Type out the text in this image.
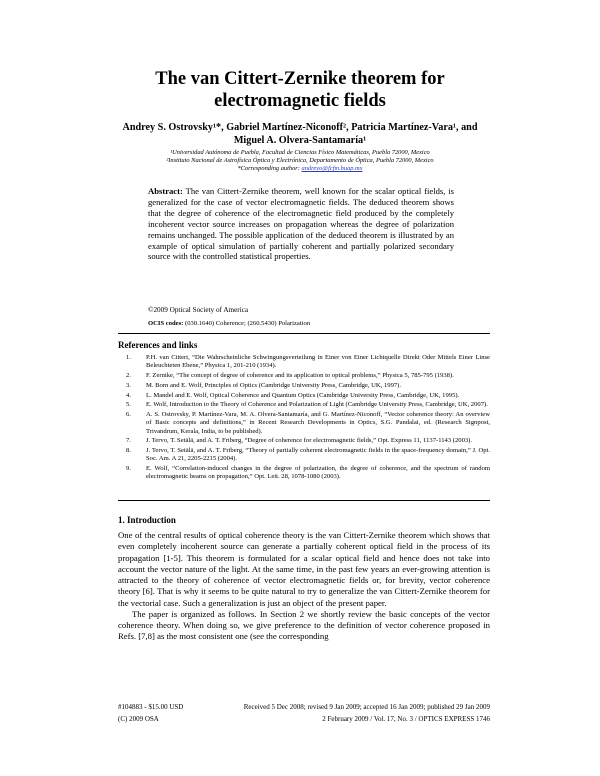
The van Cittert-Zernike theorem for
electromagnetic fields
Andrey S. Ostrovsky¹*, Gabriel Martínez-Niconoff², Patricia Martínez-Vara¹, and
Miguel A. Olvera-Santamaría¹
¹Universidad Autónoma de Puebla, Facultad de Ciencias Físico Matemáticas, Puebla 72000, Mexico
²Instituto Nacional de Astrofísica Óptica y Electrónica, Departamento de Óptica, Puebla 72000, Mexico
*Corresponding author: andreyo@fcfm.buap.mx
Abstract: The van Cittert-Zernike theorem, well known for the scalar optical fields, is generalized for the case of vector electromagnetic fields. The deduced theorem shows that the degree of coherence of the electromagnetic field produced by the completely incoherent vector source increases on propagation whereas the degree of polarization remains unchanged. The possible application of the deduced theorem is illustrated by an example of optical simulation of partially coherent and partially polarized secondary source with the controlled statistical properties.
©2009 Optical Society of America
OCIS codes: (030.1640) Coherence; (260.5430) Polarization
References and links
1. P.H. van Cittert, “Die Wahrscheinliche Schwingungsverteilung in Einer von Einer Lichtquelle Direkt Oder Mittels Einer Linse Beleuchteten Ebene,” Physica 1, 201-210 (1934).
2. F. Zernike, “The concept of degree of coherence and its application to optical problems,” Physica 5, 785-795 (1938).
3. M. Born and E. Wolf, Principles of Optics (Cambridge University Press, Cambridge, UK, 1997).
4. L. Mandel and E. Wolf, Optical Coherence and Quantum Optics (Cambridge University Press, Cambridge, UK, 1995).
5. E. Wolf, Introduction to the Theory of Coherence and Polarization of Light (Cambridge University Press, Cambridge, UK, 2007).
6. A. S. Ostrovsky, P. Martínez-Vara, M. A. Olvera-Santamaría, and G. Martínez-Niconoff, “Vector coherence theory: An overview of Basic concepts and definitions,” in Recent Research Developments in Optics, S.G. Pandalai, ed. (Research Signpost, Trivandrum, Kerala, India, to be published).
7. J. Tervo, T. Setälä, and A. T. Friberg, “Degree of coherence for electromagnetic fields,” Opt. Express 11, 1137-1143 (2003).
8. J. Tervo, T. Setälä, and A. T. Friberg, “Theory of partially coherent electromagnetic fields in the space-frequency domain,” J. Opt. Soc. Am. A 21, 2205-2215 (2004).
9. E. Wolf, “Correlation-induced changes in the degree of polarization, the degree of coherence, and the spectrum of random electromagnetic beams on propagation,” Opt. Lett. 28, 1078-1080 (2003).
1. Introduction

One of the central results of optical coherence theory is the van Cittert-Zernike theorem which shows that even completely incoherent source can generate a partially coherent optical field in the process of its propagation [1-5]. This theorem is formulated for a scalar optical field and hence does not take into account the vector nature of the light. At the same time, in the past few years an ever-growing attention is attracted to the theory of coherence of vector electromagnetic fields or, for brevity, vector coherence theory [6]. That is why it seems to be quite natural to try to generalize the van Cittert-Zernike theorem for the vectorial case. Such a generalization is just an object of the present paper.

The paper is organized as follows. In Section 2 we shortly review the basic concepts of the vector coherence theory. When doing so, we give preference to the definition of vector coherence proposed in Refs. [7,8] as the most consistent one (see the corresponding

#104883 - $15.00 USD	Received 5 Dec 2008; revised 9 Jan 2009; accepted 16 Jan 2009; published 29 Jan 2009
(C) 2009 OSA	2 February 2009 / Vol. 17, No. 3 / OPTICS EXPRESS 1746
